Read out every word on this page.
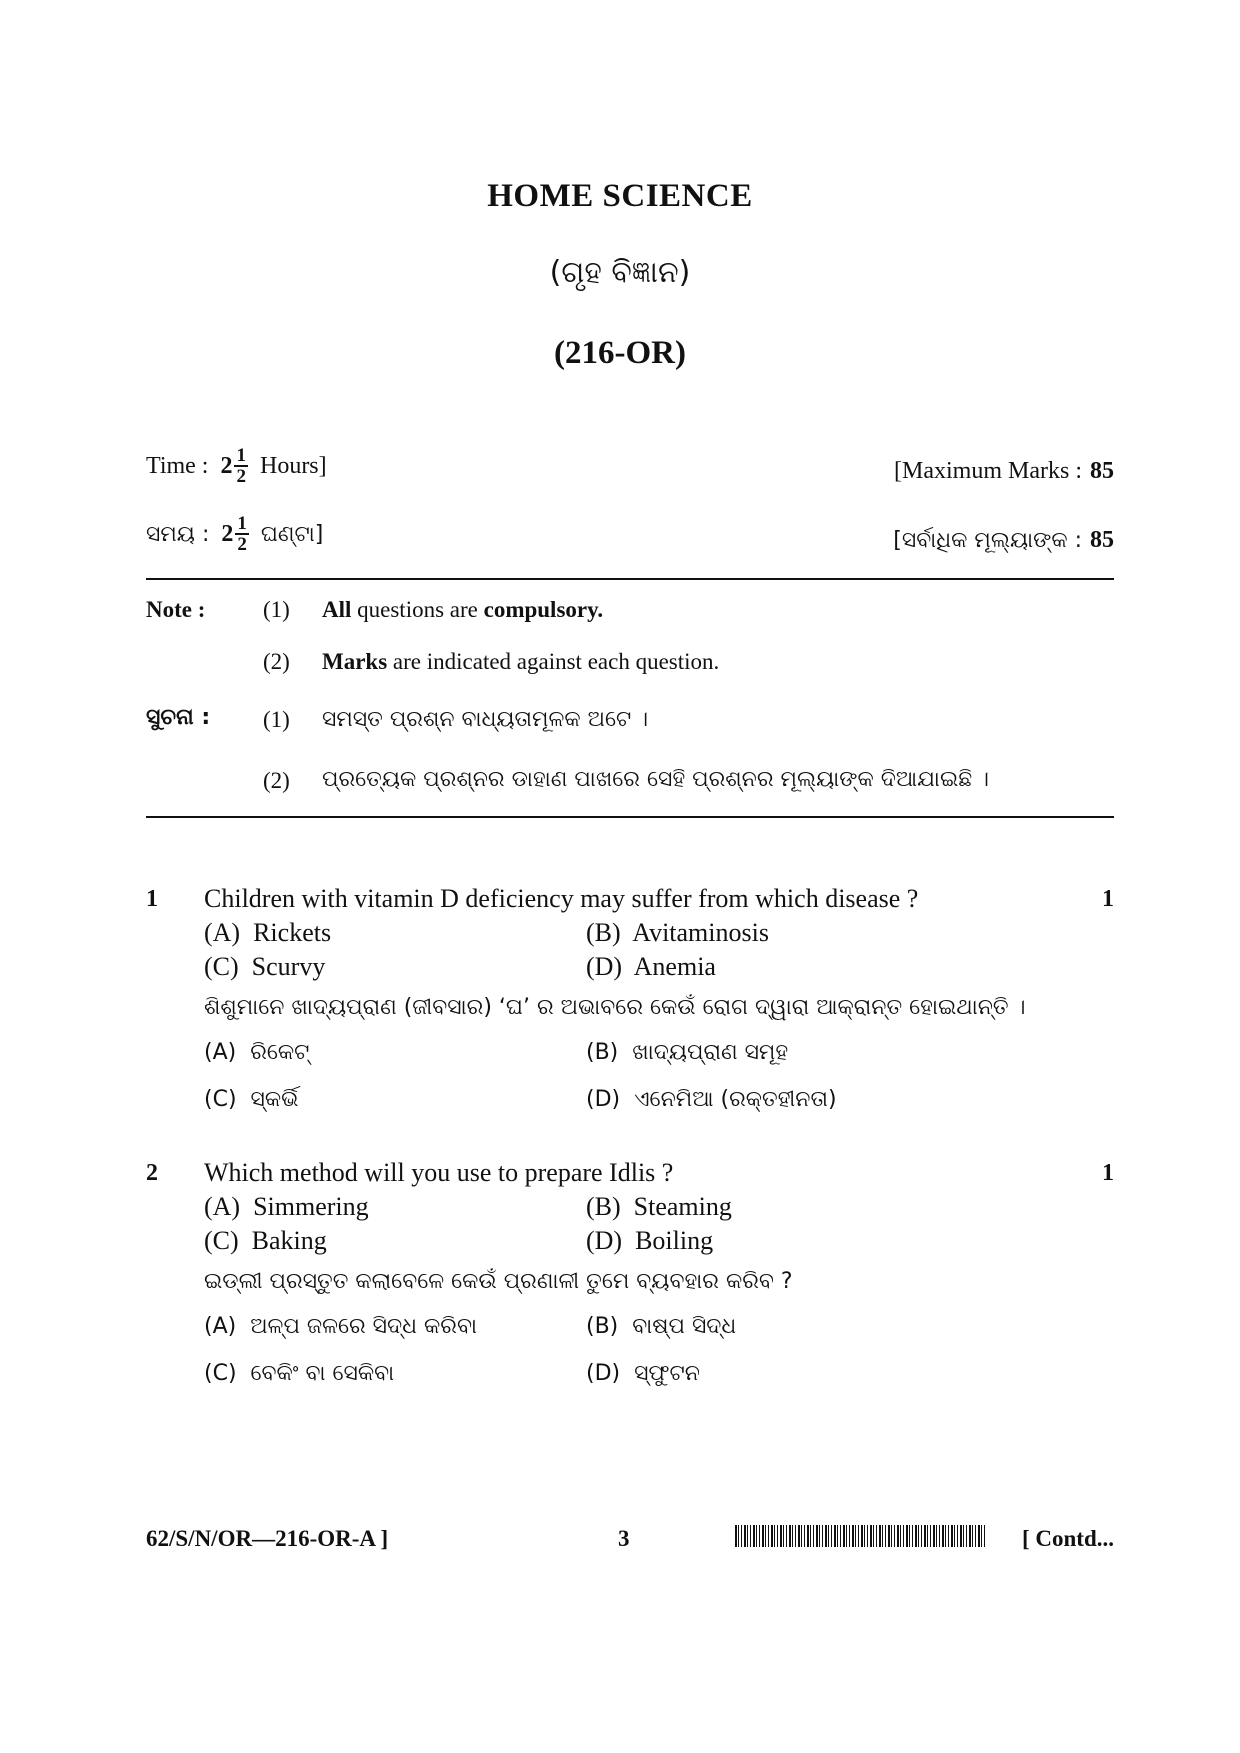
HOME SCIENCE
(ଗୃହ ବିଜ୍ଞାନ)
(216-OR)
Time : $2 \frac{1}{2}$ Hours]	[Maximum Marks : 85
ସମୟ : $2 \frac{1}{2}$ ଘଣ୍ଟା]	[ସର୍ବାଧିକ ମୂଲ୍ୟାଙ୍କ : 85
Note :	(1) All questions are compulsory.
(2) Marks are indicated against each question.
ସୁଚନା : (1) ସମସ୍ତ ପ୍ରଶ୍ନ ବାଧ୍ୟତାମୂଳକ ଅଟେ ।
(2) ପ୍ରତ୍ୟେକ ପ୍ରଶ୍ନର ଡାହାଣ ପାଖରେ ସେହି ପ୍ରଶ୍ନର ମୂଲ୍ୟାଙ୍କ ଦିଆଯାଇଛି ।
1 Children with vitamin D deficiency may suffer from which disease ?	1
(A)  Rickets	(B)  Avitaminosis
(C)  Scurvy	(D)  Anemia
ଶିଶୁମାନେ ଖାଦ୍ୟପ୍ରାଣ (ଜୀବସାର) ‘ଘ’ ର ଅଭାବରେ କେଉଁ ରୋଗ ଦ୍ୱାରା ଆକ୍ରାନ୍ତ ହୋଇଥାନ୍ତି ।
(A)  ରିକେଟ୍	(B)  ଖାଦ୍ୟପ୍ରାଣ ସମୂହ
(C)  ସ୍କର୍ଭି	(D)  ଏନେମିଆ (ରକ୍ତହୀନତା)
2 Which method will you use to prepare Idlis ?	1
(A)  Simmering	(B)  Steaming
(C)  Baking	(D)  Boiling
ଇଡ୍ଲୀ ପ୍ରସ୍ତୁତ କଲାବେଳେ କେଉଁ ପ୍ରଣାଳୀ ତୁମେ ବ୍ୟବହାର କରିବ ?
(A)  ଅଳ୍ପ ଜଳରେ ସିଦ୍ଧ କରିବା	(B)  ବାଷ୍ପ ସିଦ୍ଧ
(C)  ବେକିଂ ବା ସେକିବା	(D)  ସ୍ଫୁଟନ
62/S/N/OR—216-OR-A ]	3	[ Contd...
